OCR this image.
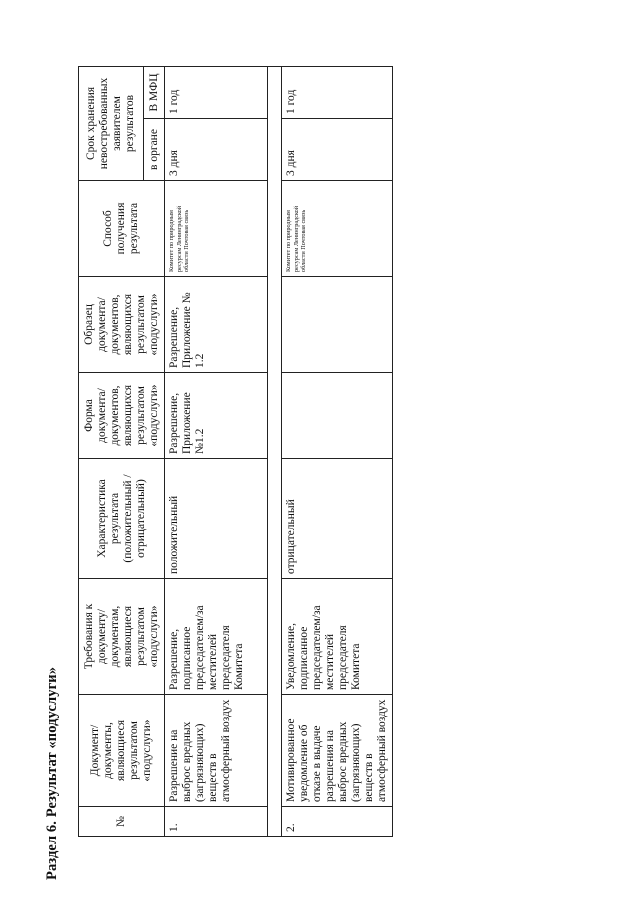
Раздел 6. Результат «подуслуги»	№	Документ/ документы, являющиеся результатом «подуслуги»	Требования к документу/ документам, являющиеся результатом «подуслуги»	Характеристика результата (положительный / отрицательный)	Форма документа/ документов, являющихся результатом «подуслуги»	Образец документа/ документов, являющихся результатом «подуслуги»	Способ получения результата	Срок хранения невостребованных заявителем результатов	
							в органе	В МФЦ
1.	Разрешение на выброс вредных (загрязняющих) веществ в атмосферный воздух	Разрешение, подписанное председателем/за местителей председателя Комитета	положительный	Разрешение, Приложение №1.2	Разрешение, Приложение № 1.2	Комитет по природным ресурсам Ленинградской области Почтовая связь	3 дня	1 год

2.	Мотивированное уведомление об отказе в выдаче разрешения на выброс вредных (загрязняющих) веществ в атмосферный воздух	Уведомление, подписанное председателем/за местителей председателя Комитета	отрицательный			Комитет по природным ресурсам Ленинградской области Почтовая связь	3 дня	1 год
